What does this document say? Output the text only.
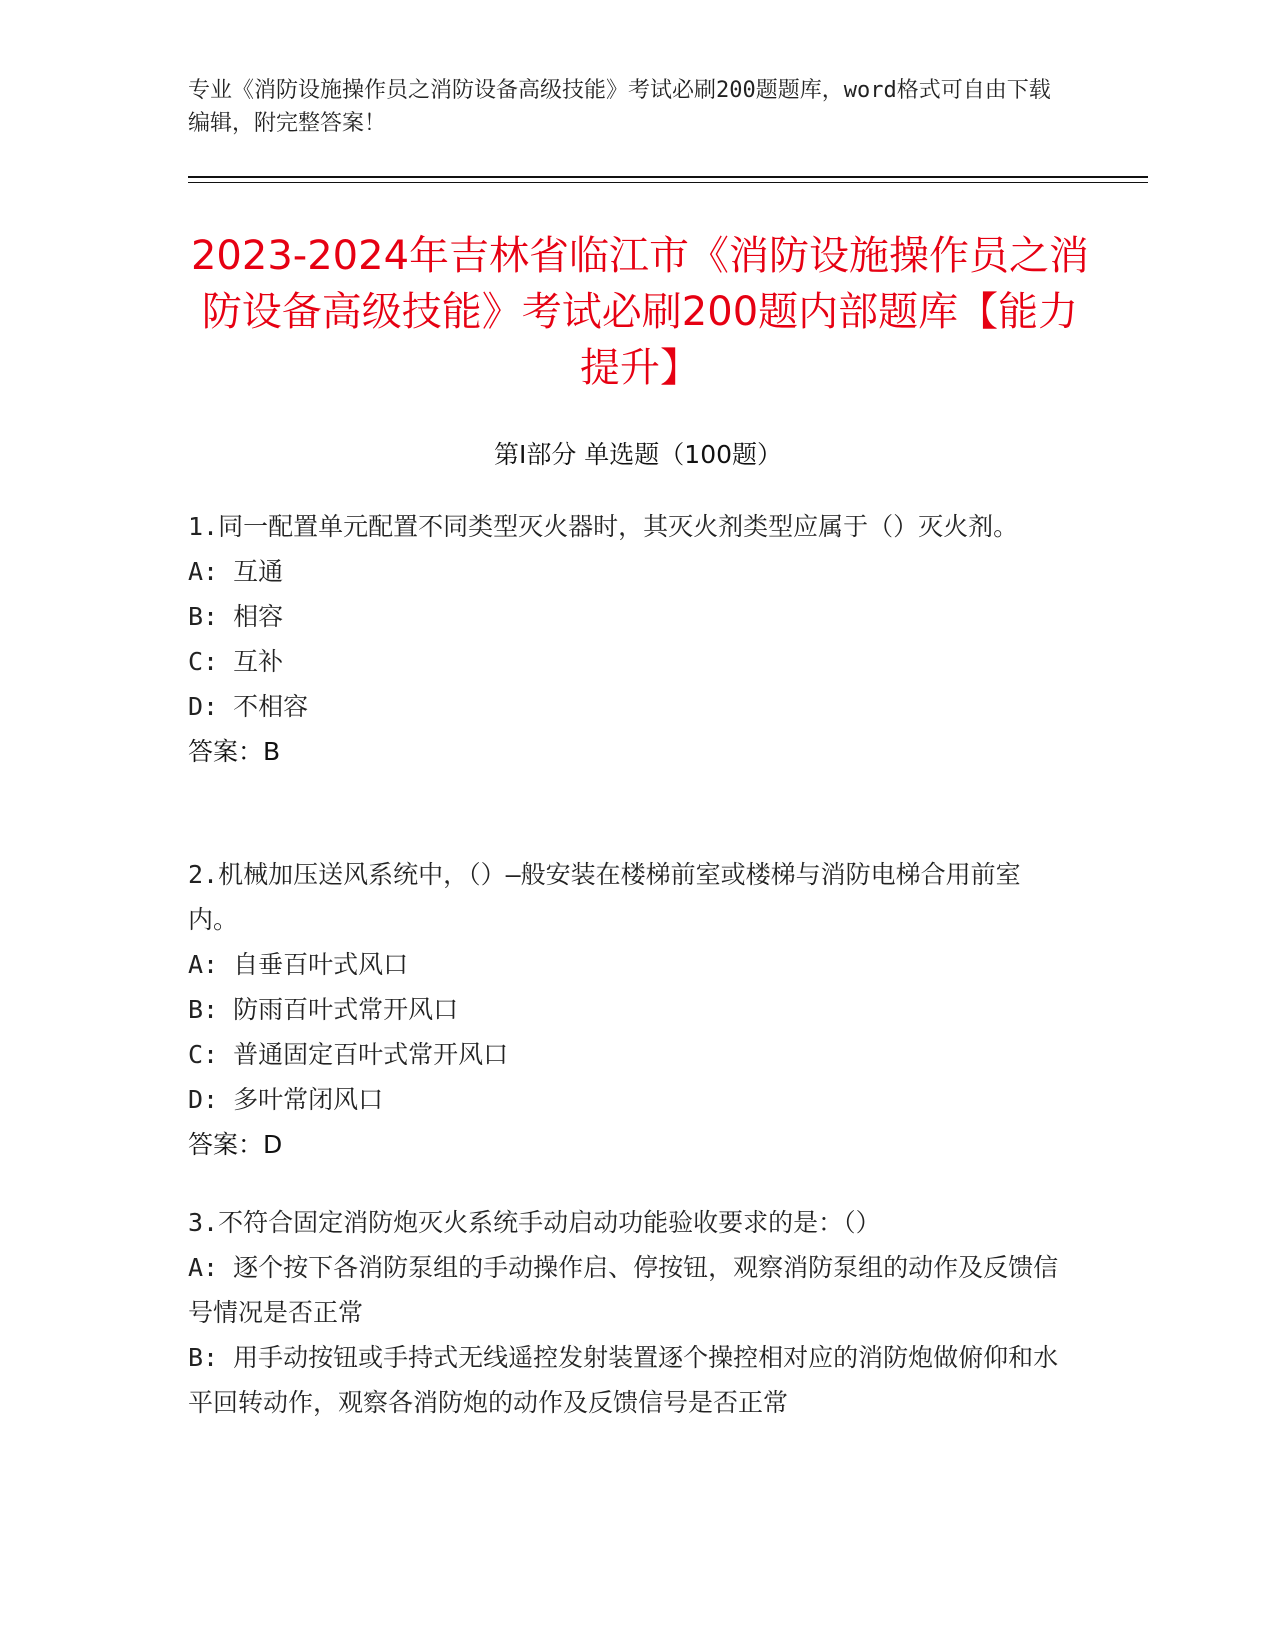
专业《消防设施操作员之消防设备高级技能》考试必刷200题题库，word格式可自由下载编辑，附完整答案！
2023-2024年吉林省临江市《消防设施操作员之消防设备高级技能》考试必刷200题内部题库【能力提升】
第I部分 单选题（100题）
1.同一配置单元配置不同类型灭火器时，其灭火剂类型应属于（）灭火剂。
A: 互通
B: 相容
C: 互补
D: 不相容
答案：B
2.机械加压送风系统中，（）—般安装在楼梯前室或楼梯与消防电梯合用前室内。
A: 自垂百叶式风口
B: 防雨百叶式常开风口
C: 普通固定百叶式常开风口
D: 多叶常闭风口
答案：D
3.不符合固定消防炮灭火系统手动启动功能验收要求的是：（）
A: 逐个按下各消防泵组的手动操作启、停按钮，观察消防泵组的动作及反馈信号情况是否正常
B: 用手动按钮或手持式无线遥控发射装置逐个操控相对应的消防炮做俯仰和水平回转动作，观察各消防炮的动作及反馈信号是否正常
